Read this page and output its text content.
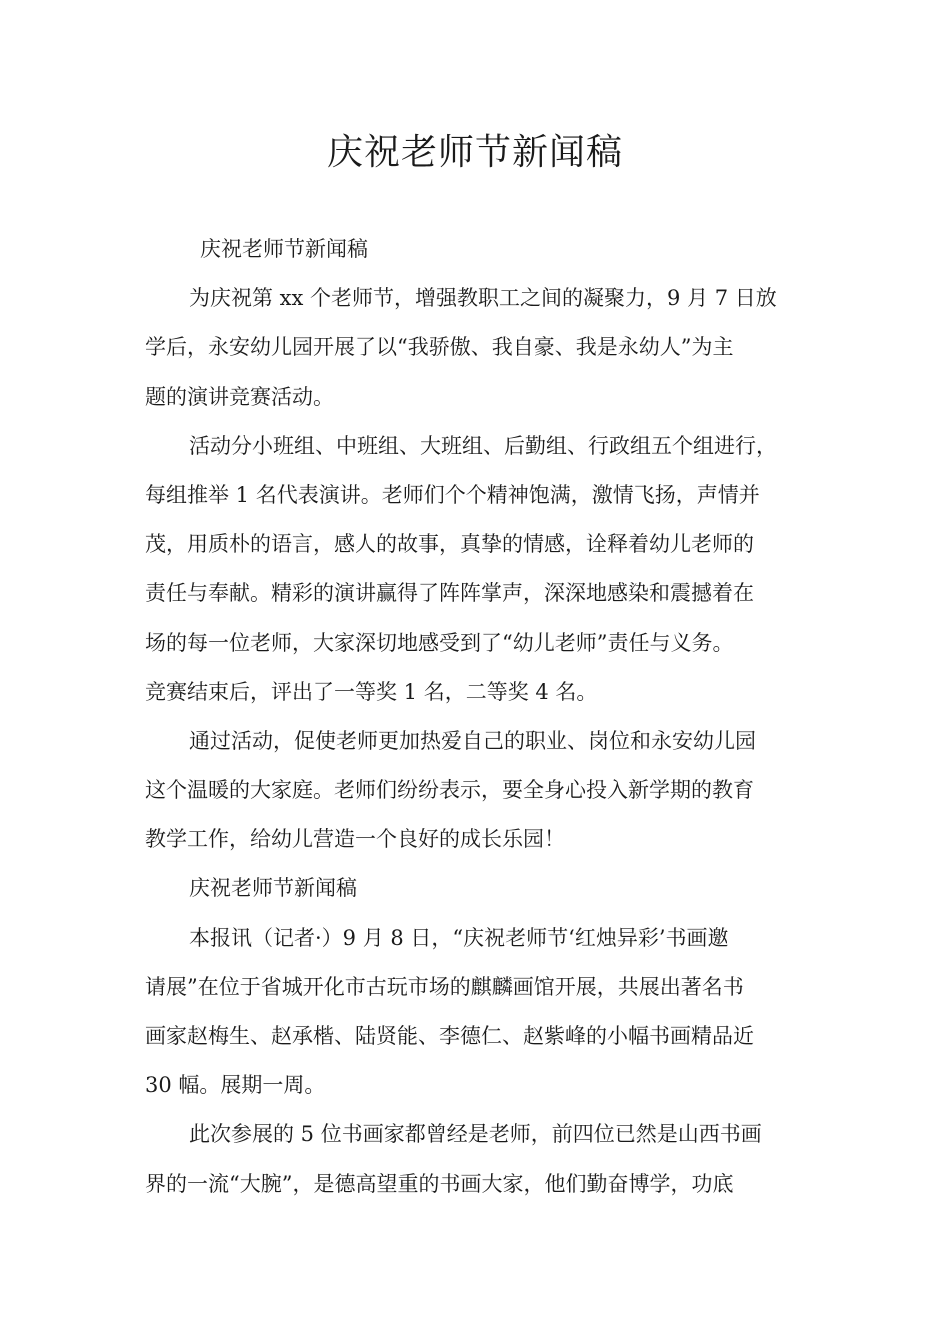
庆祝老师节新闻稿

庆祝老师节新闻稿

为庆祝第 xx 个老师节，增强教职工之间的凝聚力，9 月 7 日放

学后，永安幼儿园开展了以“我骄傲、我自豪、我是永幼人”为主

题的演讲竞赛活动。

活动分小班组、中班组、大班组、后勤组、行政组五个组进行，

每组推举 1 名代表演讲。老师们个个精神饱满，激情飞扬，声情并

茂，用质朴的语言，感人的故事，真挚的情感，诠释着幼儿老师的

责任与奉献。精彩的演讲赢得了阵阵掌声，深深地感染和震撼着在

场的每一位老师，大家深切地感受到了“幼儿老师”责任与义务。

竞赛结束后，评出了一等奖 1 名，二等奖 4 名。

通过活动，促使老师更加热爱自己的职业、岗位和永安幼儿园

这个温暖的大家庭。老师们纷纷表示，要全身心投入新学期的教育

教学工作，给幼儿营造一个良好的成长乐园！

庆祝老师节新闻稿

本报讯（记者·）9 月 8 日，“庆祝老师节‘红烛异彩’书画邀

请展”在位于省城开化市古玩市场的麒麟画馆开展，共展出著名书

画家赵梅生、赵承楷、陆贤能、李德仁、赵紫峰的小幅书画精品近

30 幅。展期一周。

此次参展的 5 位书画家都曾经是老师，前四位已然是山西书画

界的一流“大腕”，是德高望重的书画大家，他们勤奋博学，功底
